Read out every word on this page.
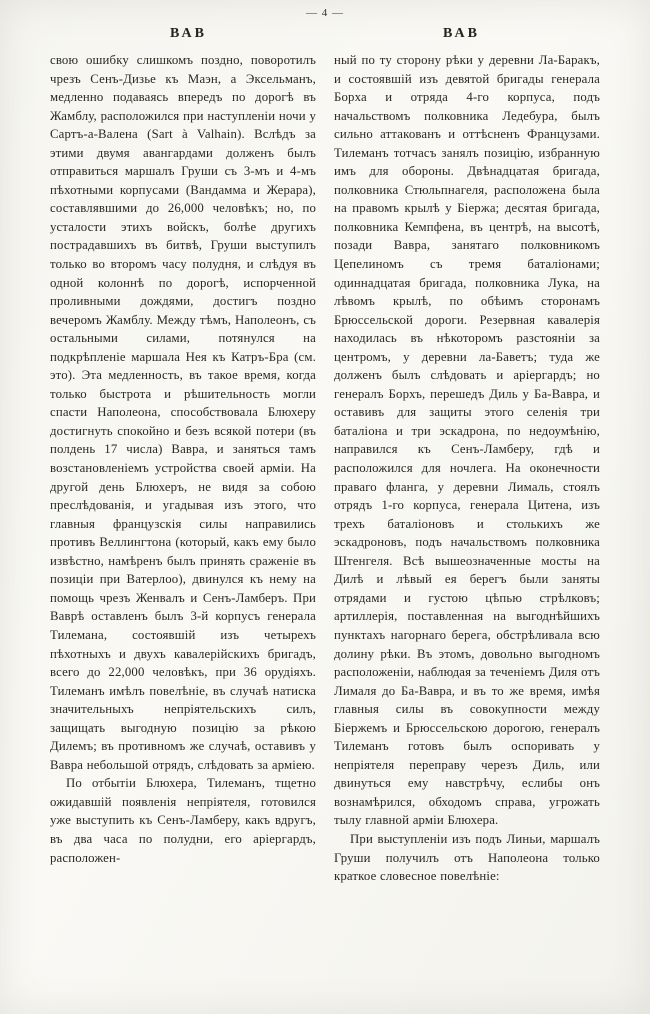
— 4 —
ВАВ	ВАВ

свою ошибку слишкомъ поздно, поворотилъ чрезъ Сенъ-Дизье къ Маэн, а Эксельманъ, медленно подаваясь впередъ по дорогѣ въ Жамблу, расположился при наступленіи ночи у Сартъ-а-Валена (Sart à Valhain). Вслѣдъ за этими двумя авангардами долженъ былъ отправиться маршалъ Груши съ 3-мъ и 4-мъ пѣхотными корпусами (Вандамма и Жерара), составлявшими до 26,000 человѣкъ; но, по усталости этихъ войскъ, болѣе другихъ пострадавшихъ въ битвѣ, Груши выступилъ только во второмъ часу полудня, и слѣдуя въ одной колоннѣ по дорогѣ, испорченной проливными дождями, достигъ поздно вечеромъ Жамблу. Между тѣмъ, Наполеонъ, съ остальными силами, потянулся на подкрѣпленіе маршала Нея къ Катръ-Бра (см. это). Эта медленность, въ такое время, когда только быстрота и рѣшительность могли спасти Наполеона, способствовала Блюхеру достигнуть спокойно и безъ всякой потери (въ полдень 17 числа) Вавра, и заняться тамъ возстановленіемъ устройства своей арміи. На другой день Блюхеръ, не видя за собою преслѣдованія, и угадывая изъ этого, что главныя французскія силы направились противъ Веллингтона (который, какъ ему было извѣстно, намѣренъ былъ принять сраженіе въ позиціи при Ватерлоо), двинулся къ нему на помощь чрезъ Женвалъ и Сенъ-Ламберъ. При Ваврѣ оставленъ былъ 3-й корпусъ генерала Тилемана, состоявшій изъ четырехъ пѣхотныхъ и двухъ кавалерійскихъ бригадъ, всего до 22,000 человѣкъ, при 36 орудіяхъ. Тилеманъ имѣлъ повелѣніе, въ случаѣ натиска значительныхъ непріятельскихъ силъ, защищать выгодную позицію за рѣкою Дилемъ; въ противномъ же случаѣ, оставивъ у Вавра небольшой отрядъ, слѣдовать за арміею.

По отбытіи Блюхера, Тилеманъ, тщетно ожидавшій появленія непріятеля, готовился уже выступить къ Сенъ-Ламберу, какъ вдругъ, въ два часа по полудни, его аріергардъ, расположен-

ный по ту сторону рѣки у деревни Ла-Баракъ, и состоявшій изъ девятой бригады генерала Борха и отряда 4-го корпуса, подъ начальствомъ полковника Ледебура, былъ сильно аттакованъ и оттѣсненъ Французами. Тилеманъ тотчасъ занялъ позицію, избранную имъ для обороны. Двѣнадцатая бригада, полковника Стюльпнагеля, расположена была на правомъ крылѣ у Біержа; десятая бригада, полковника Кемпфена, въ центрѣ, на высотѣ, позади Вавра, занятаго полковникомъ Цепелиномъ съ тремя баталіонами; одиннадцатая бригада, полковника Лука, на лѣвомъ крылѣ, по обѣимъ сторонамъ Брюссельской дороги. Резервная кавалерія находилась въ нѣкоторомъ разстояніи за центромъ, у деревни ла-Баветъ; туда же долженъ былъ слѣдовать и аріергардъ; но генералъ Борхъ, перешедъ Диль у Ба-Вавра, и оставивъ для защиты этого селенія три баталіона и три эскадрона, по недоумѣнію, направился къ Сенъ-Ламберу, гдѣ и расположился для ночлега. На оконечности праваго фланга, у деревни Лималь, стоялъ отрядъ 1-го корпуса, генерала Цитена, изъ трехъ баталіоновъ и столькихъ же эскадроновъ, подъ начальствомъ полковника Штенгеля. Всѣ вышеозначенные мосты на Дилѣ и лѣвый ея берегъ были заняты отрядами и густою цѣпью стрѣлковъ; артиллерія, поставленная на выгоднѣйшихъ пунктахъ нагорнаго берега, обстрѣливала всю долину рѣки. Въ этомъ, довольно выгодномъ расположеніи, наблюдая за теченіемъ Диля отъ Лималя до Ба-Вавра, и въ то же время, имѣя главныя силы въ совокупности между Біержемъ и Брюссельскою дорогою, генералъ Тилеманъ готовъ былъ оспоривать у непріятеля переправу черезъ Диль, или двинуться ему навстрѣчу, еслибы онъ вознамѣрился, обходомъ справа, угрожать тылу главной арміи Блюхера.

При выступленіи изъ подъ Линьи, маршалъ Груши получилъ отъ Наполеона только краткое словесное повелѣніе:
